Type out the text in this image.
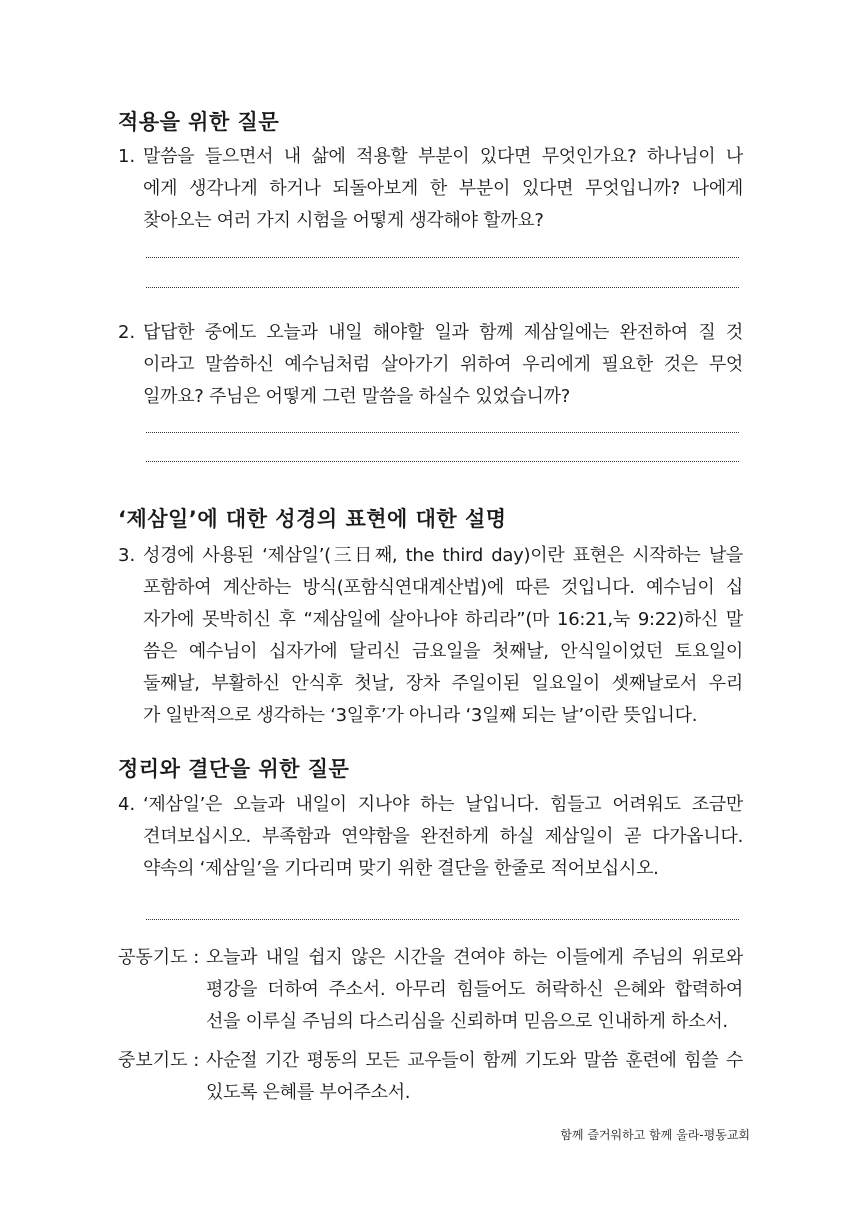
적용을 위한 질문
1. 말씀을 들으면서 내 삶에 적용할 부분이 있다면 무엇인가요? 하나님이 나
에게 생각나게 하거나 되돌아보게 한 부분이 있다면 무엇입니까? 나에게
찾아오는 여러 가지 시험을 어떻게 생각해야 할까요?
2. 답답한 중에도 오늘과 내일 해야할 일과 함께 제삼일에는 완전하여 질 것
이라고 말씀하신 예수님처럼 살아가기 위하여 우리에게 필요한 것은 무엇
일까요? 주님은 어떻게 그런 말씀을 하실수 있었습니까?
‘제삼일’에 대한 성경의 표현에 대한 설명
3. 성경에 사용된 ‘제삼일’(三日째, the third day)이란 표현은 시작하는 날을
포함하여 계산하는 방식(포함식연대계산법)에 따른 것입니다. 예수님이 십
자가에 못박히신 후 “제삼일에 살아나야 하리라”(마 16:21,눅 9:22)하신 말
씀은 예수님이 십자가에 달리신 금요일을 첫째날, 안식일이었던 토요일이
둘째날, 부활하신 안식후 첫날, 장차 주일이된 일요일이 셋째날로서 우리
가 일반적으로 생각하는 ‘3일후’가 아니라 ‘3일째 되는 날’이란 뜻입니다.
정리와 결단을 위한 질문
4. ‘제삼일’은 오늘과 내일이 지나야 하는 날입니다. 힘들고 어려워도 조금만
견뎌보십시오. 부족함과 연약함을 완전하게 하실 제삼일이 곧 다가옵니다.
약속의 ‘제삼일’을 기다리며 맞기 위한 결단을 한줄로 적어보십시오.
공동기도 : 오늘과 내일 쉽지 않은 시간을 견여야 하는 이들에게 주님의 위로와
평강을 더하여 주소서. 아무리 힘들어도 허락하신 은혜와 합력하여
선을 이루실 주님의 다스리심을 신뢰하며 믿음으로 인내하게 하소서.
중보기도 : 사순절 기간 평동의 모든 교우들이 함께 기도와 말씀 훈련에 힘쓸 수
있도록 은혜를 부어주소서.
함께 즐거워하고 함께 울라-평동교회
